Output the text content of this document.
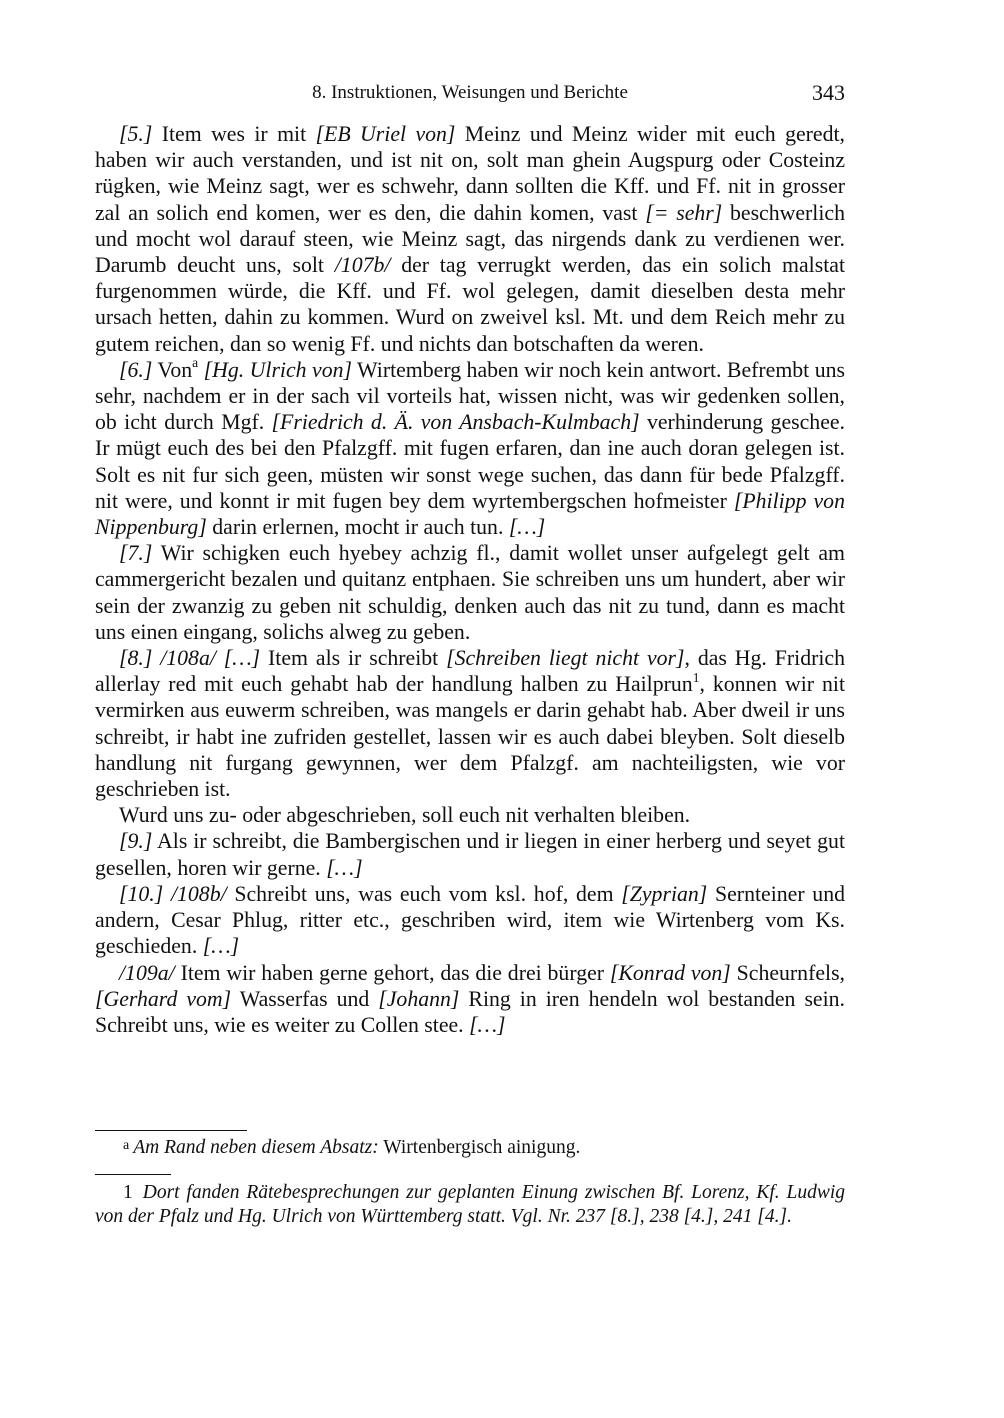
8. Instruktionen, Weisungen und Berichte	343

[5.] Item wes ir mit [EB Uriel von] Meinz und Meinz wider mit euch geredt, haben wir auch verstanden, und ist nit on, solt man ghein Augspurg oder Costeinz rügken, wie Meinz sagt, wer es schwehr, dann sollten die Kff. und Ff. nit in grosser zal an solich end komen, wer es den, die dahin komen, vast [= sehr] beschwerlich und mocht wol darauf steen, wie Meinz sagt, das nirgends dank zu verdienen wer. Darumb deucht uns, solt /107b/ der tag verrugkt werden, das ein solich malstat furgenommen würde, die Kff. und Ff. wol gelegen, damit dieselben desta mehr ursach hetten, dahin zu kommen. Wurd on zweivel ksl. Mt. und dem Reich mehr zu gutem reichen, dan so wenig Ff. und nichts dan botschaften da weren.

[6.] Von$^a$ [Hg. Ulrich von] Wirtemberg haben wir noch kein antwort. Befrembt uns sehr, nachdem er in der sach vil vorteils hat, wissen nicht, was wir gedenken sollen, ob icht durch Mgf. [Friedrich d. Ä. von Ansbach-Kulmbach] verhinderung geschee. Ir mügt euch des bei den Pfalzgff. mit fugen erfaren, dan ine auch doran gelegen ist. Solt es nit fur sich geen, müsten wir sonst wege suchen, das dann für bede Pfalzgff. nit were, und konnt ir mit fugen bey dem wyrtembergschen hofmeister [Philipp von Nippenburg] darin erlernen, mocht ir auch tun. […]

[7.] Wir schigken euch hyebey achzig fl., damit wollet unser aufgelegt gelt am cammergericht bezalen und quitanz entphaen. Sie schreiben uns um hundert, aber wir sein der zwanzig zu geben nit schuldig, denken auch das nit zu tund, dann es macht uns einen eingang, solichs alweg zu geben.

[8.] /108a/ […] Item als ir schreibt [Schreiben liegt nicht vor], das Hg. Fridrich allerlay red mit euch gehabt hab der handlung halben zu Hailprun$^1$, konnen wir nit vermirken aus euwerm schreiben, was mangels er darin gehabt hab. Aber dweil ir uns schreibt, ir habt ine zufriden gestellet, lassen wir es auch dabei bleyben. Solt dieselb handlung nit furgang gewynnen, wer dem Pfalzgf. am nachteiligsten, wie vor geschrieben ist.

Wurd uns zu- oder abgeschrieben, soll euch nit verhalten bleiben.

[9.] Als ir schreibt, die Bambergischen und ir liegen in einer herberg und seyet gut gesellen, horen wir gerne. […]

[10.] /108b/ Schreibt uns, was euch vom ksl. hof, dem [Zyprian] Sernteiner und andern, Cesar Phlug, ritter etc., geschriben wird, item wie Wirtenberg vom Ks. geschieden. […]

/109a/ Item wir haben gerne gehort, das die drei bürger [Konrad von] Scheurnfels, [Gerhard vom] Wasserfas und [Johann] Ring in iren hendeln wol bestanden sein. Schreibt uns, wie es weiter zu Collen stee. […]

$^a$ Am Rand neben diesem Absatz: Wirtenbergisch ainigung.
1 Dort fanden Rätebesprechungen zur geplanten Einung zwischen Bf. Lorenz, Kf. Ludwig von der Pfalz und Hg. Ulrich von Württemberg statt. Vgl. Nr. 237 [8.], 238 [4.], 241 [4.].
